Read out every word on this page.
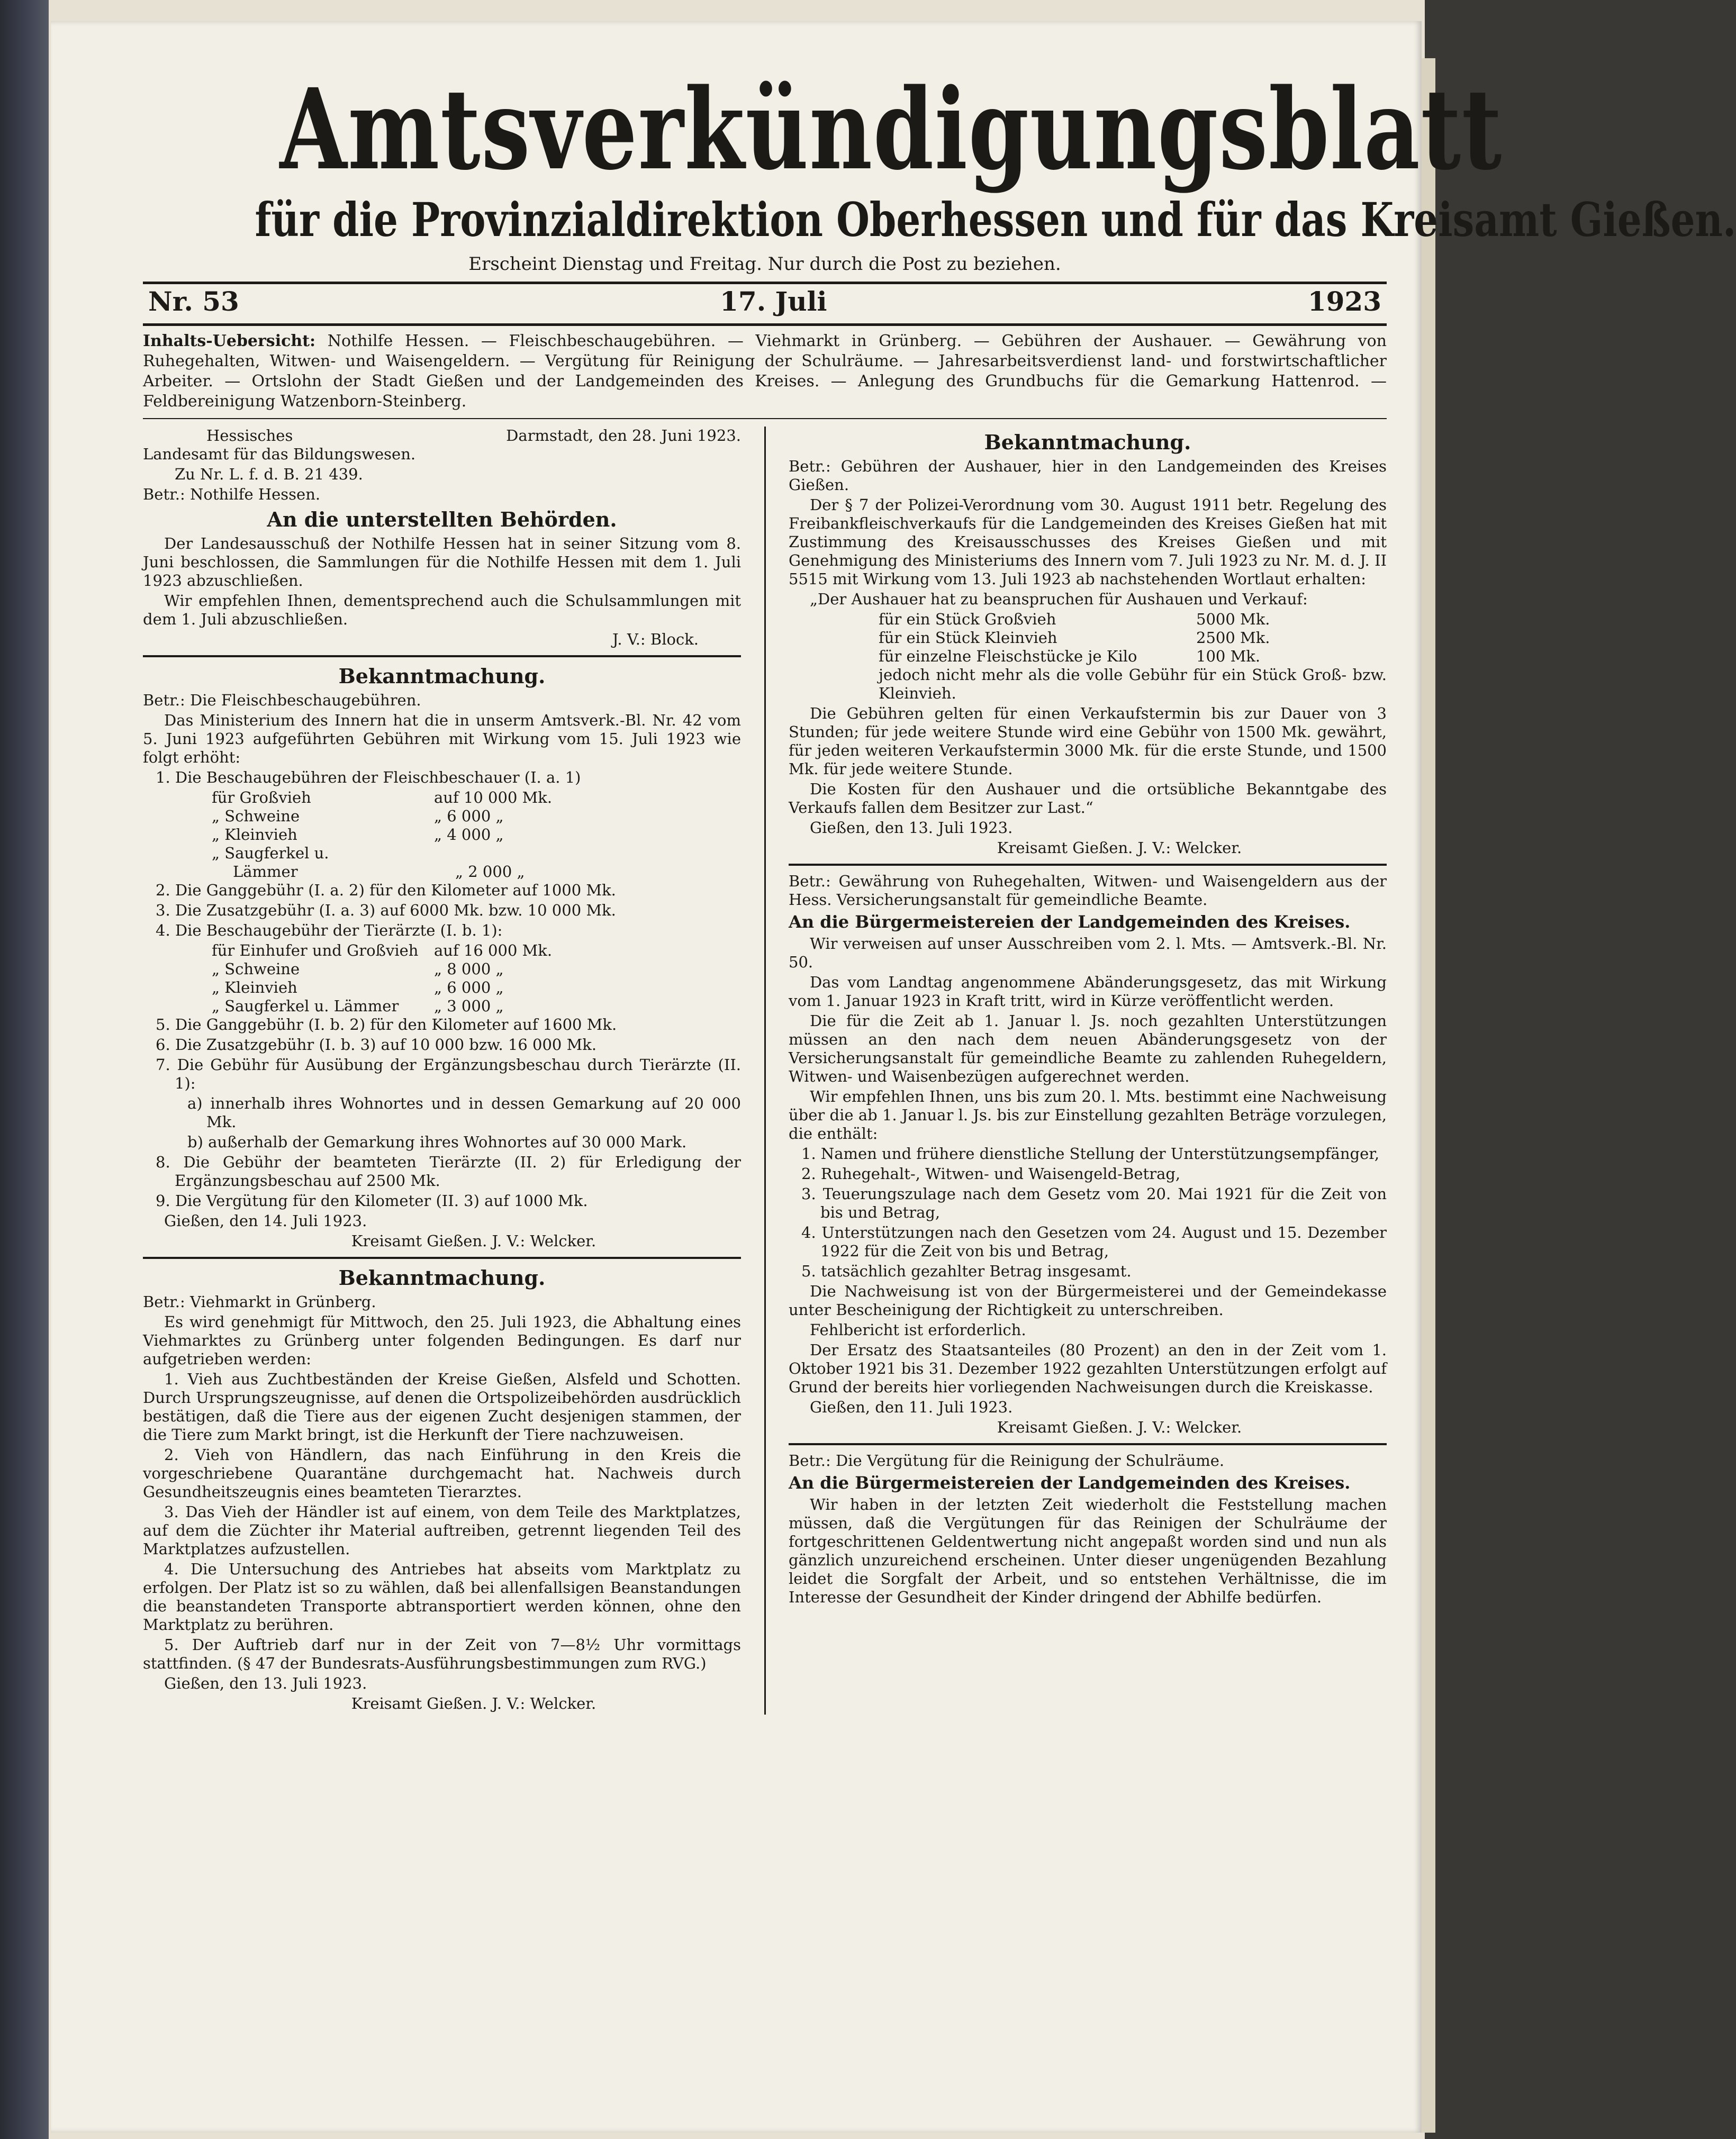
Amtsverkündigungsblatt
für die Provinzialdirektion Oberhessen und für das Kreisamt Gießen.
Erscheint Dienstag und Freitag. Nur durch die Post zu beziehen.
Nr. 53	17. Juli	1923
Inhalts-Uebersicht: Nothilfe Hessen. — Fleischbeschaugebühren. — Viehmarkt in Grünberg. — Gebühren der Aushauer. — Gewährung von Ruhegehalten, Witwen- und Waisengeldern. — Vergütung für Reinigung der Schulräume. — Jahresarbeitsverdienst land- und forstwirtschaftlicher Arbeiter. — Ortslohn der Stadt Gießen und der Landgemeinden des Kreises. — Anlegung des Grundbuchs für die Gemarkung Hattenrod. — Feldbereinigung Watzenborn-Steinberg.
Hessisches	Darmstadt, den 28. Juni 1923.

Landesamt für das Bildungswesen.

Zu Nr. L. f. d. B. 21 439.

Betr.: Nothilfe Hessen.

An die unterstellten Behörden.

Der Landesausschuß der Nothilfe Hessen hat in seiner Sitzung vom 8. Juni beschlossen, die Sammlungen für die Nothilfe Hessen mit dem 1. Juli 1923 abzuschließen.

Wir empfehlen Ihnen, dementsprechend auch die Schulsammlungen mit dem 1. Juli abzuschließen.

J. V.: Block.

Bekanntmachung.

Betr.: Die Fleischbeschaugebühren.

Das Ministerium des Innern hat die in unserm Amtsverk.-Bl. Nr. 42 vom 5. Juni 1923 aufgeführten Gebühren mit Wirkung vom 15. Juli 1923 wie folgt erhöht:

1. Die Beschaugebühren der Fleischbeschauer (I. a. 1)

für Großvieh	auf 10 000 Mk.
„ Schweine	„ 6 000 „
„ Kleinvieh	„ 4 000 „
„ Saugferkel u.
Lämmer	„ 2 000 „

2. Die Ganggebühr (I. a. 2) für den Kilometer auf 1000 Mk.

3. Die Zusatzgebühr (I. a. 3) auf 6000 Mk. bzw. 10 000 Mk.

4. Die Beschaugebühr der Tierärzte (I. b. 1):

für Einhufer und Großvieh	auf 16 000 Mk.
„ Schweine	„ 8 000 „
„ Kleinvieh	„ 6 000 „
„ Saugferkel u. Lämmer	„ 3 000 „

5. Die Ganggebühr (I. b. 2) für den Kilometer auf 1600 Mk.

6. Die Zusatzgebühr (I. b. 3) auf 10 000 bzw. 16 000 Mk.

7. Die Gebühr für Ausübung der Ergänzungsbeschau durch Tierärzte (II. 1):

a) innerhalb ihres Wohnortes und in dessen Gemarkung auf 20 000 Mk.

b) außerhalb der Gemarkung ihres Wohnortes auf 30 000 Mark.

8. Die Gebühr der beamteten Tierärzte (II. 2) für Erledigung der Ergänzungsbeschau auf 2500 Mk.

9. Die Vergütung für den Kilometer (II. 3) auf 1000 Mk.

Gießen, den 14. Juli 1923.

Kreisamt Gießen. J. V.: Welcker.

Bekanntmachung.

Betr.: Viehmarkt in Grünberg.

Es wird genehmigt für Mittwoch, den 25. Juli 1923, die Abhaltung eines Viehmarktes zu Grünberg unter folgenden Bedingungen. Es darf nur aufgetrieben werden:

1. Vieh aus Zuchtbeständen der Kreise Gießen, Alsfeld und Schotten. Durch Ursprungszeugnisse, auf denen die Ortspolizeibehörden ausdrücklich bestätigen, daß die Tiere aus der eigenen Zucht desjenigen stammen, der die Tiere zum Markt bringt, ist die Herkunft der Tiere nachzuweisen.

2. Vieh von Händlern, das nach Einführung in den Kreis die vorgeschriebene Quarantäne durchgemacht hat. Nachweis durch Gesundheitszeugnis eines beamteten Tierarztes.

3. Das Vieh der Händler ist auf einem, von dem Teile des Marktplatzes, auf dem die Züchter ihr Material auftreiben, getrennt liegenden Teil des Marktplatzes aufzustellen.

4. Die Untersuchung des Antriebes hat abseits vom Marktplatz zu erfolgen. Der Platz ist so zu wählen, daß bei allenfallsigen Beanstandungen die beanstandeten Transporte abtransportiert werden können, ohne den Marktplatz zu berühren.

5. Der Auftrieb darf nur in der Zeit von 7—8½ Uhr vormittags stattfinden. (§ 47 der Bundesrats-Ausführungsbestimmungen zum RVG.)

Gießen, den 13. Juli 1923.

Kreisamt Gießen. J. V.: Welcker.

Bekanntmachung.

Betr.: Gebühren der Aushauer, hier in den Landgemeinden des Kreises Gießen.

Der § 7 der Polizei-Verordnung vom 30. August 1911 betr. Regelung des Freibankfleischverkaufs für die Landgemeinden des Kreises Gießen hat mit Zustimmung des Kreisausschusses des Kreises Gießen und mit Genehmigung des Ministeriums des Innern vom 7. Juli 1923 zu Nr. M. d. J. II 5515 mit Wirkung vom 13. Juli 1923 ab nachstehenden Wortlaut erhalten:

„Der Aushauer hat zu beanspruchen für Aushauen und Verkauf:

für ein Stück Großvieh	5000 Mk.
für ein Stück Kleinvieh	2500 Mk.
für einzelne Fleischstücke je Kilo	100 Mk.

jedoch nicht mehr als die volle Gebühr für ein Stück Groß- bzw. Kleinvieh.

Die Gebühren gelten für einen Verkaufstermin bis zur Dauer von 3 Stunden; für jede weitere Stunde wird eine Gebühr von 1500 Mk. gewährt, für jeden weiteren Verkaufstermin 3000 Mk. für die erste Stunde, und 1500 Mk. für jede weitere Stunde.

Die Kosten für den Aushauer und die ortsübliche Bekanntgabe des Verkaufs fallen dem Besitzer zur Last.“

Gießen, den 13. Juli 1923.

Kreisamt Gießen. J. V.: Welcker.

Betr.: Gewährung von Ruhegehalten, Witwen- und Waisengeldern aus der Hess. Versicherungsanstalt für gemeindliche Beamte.

An die Bürgermeistereien der Landgemeinden des Kreises.

Wir verweisen auf unser Ausschreiben vom 2. l. Mts. — Amtsverk.-Bl. Nr. 50.

Das vom Landtag angenommene Abänderungsgesetz, das mit Wirkung vom 1. Januar 1923 in Kraft tritt, wird in Kürze veröffentlicht werden.

Die für die Zeit ab 1. Januar l. Js. noch gezahlten Unterstützungen müssen an den nach dem neuen Abänderungsgesetz von der Versicherungsanstalt für gemeindliche Beamte zu zahlenden Ruhegeldern, Witwen- und Waisenbezügen aufgerechnet werden.

Wir empfehlen Ihnen, uns bis zum 20. l. Mts. bestimmt eine Nachweisung über die ab 1. Januar l. Js. bis zur Einstellung gezahlten Beträge vorzulegen, die enthält:

1. Namen und frühere dienstliche Stellung der Unterstützungsempfänger,

2. Ruhegehalt-, Witwen- und Waisengeld-Betrag,

3. Teuerungszulage nach dem Gesetz vom 20. Mai 1921 für die Zeit von bis und Betrag,

4. Unterstützungen nach den Gesetzen vom 24. August und 15. Dezember 1922 für die Zeit von bis und Betrag,

5. tatsächlich gezahlter Betrag insgesamt.

Die Nachweisung ist von der Bürgermeisterei und der Gemeindekasse unter Bescheinigung der Richtigkeit zu unterschreiben.

Fehlbericht ist erforderlich.

Der Ersatz des Staatsanteiles (80 Prozent) an den in der Zeit vom 1. Oktober 1921 bis 31. Dezember 1922 gezahlten Unterstützungen erfolgt auf Grund der bereits hier vorliegenden Nachweisungen durch die Kreiskasse.

Gießen, den 11. Juli 1923.

Kreisamt Gießen. J. V.: Welcker.

Betr.: Die Vergütung für die Reinigung der Schulräume.

An die Bürgermeistereien der Landgemeinden des Kreises.

Wir haben in der letzten Zeit wiederholt die Feststellung machen müssen, daß die Vergütungen für das Reinigen der Schulräume der fortgeschrittenen Geldentwertung nicht angepaßt worden sind und nun als gänzlich unzureichend erscheinen. Unter dieser ungenügenden Bezahlung leidet die Sorgfalt der Arbeit, und so entstehen Verhältnisse, die im Interesse der Gesundheit der Kinder dringend der Abhilfe bedürfen.
